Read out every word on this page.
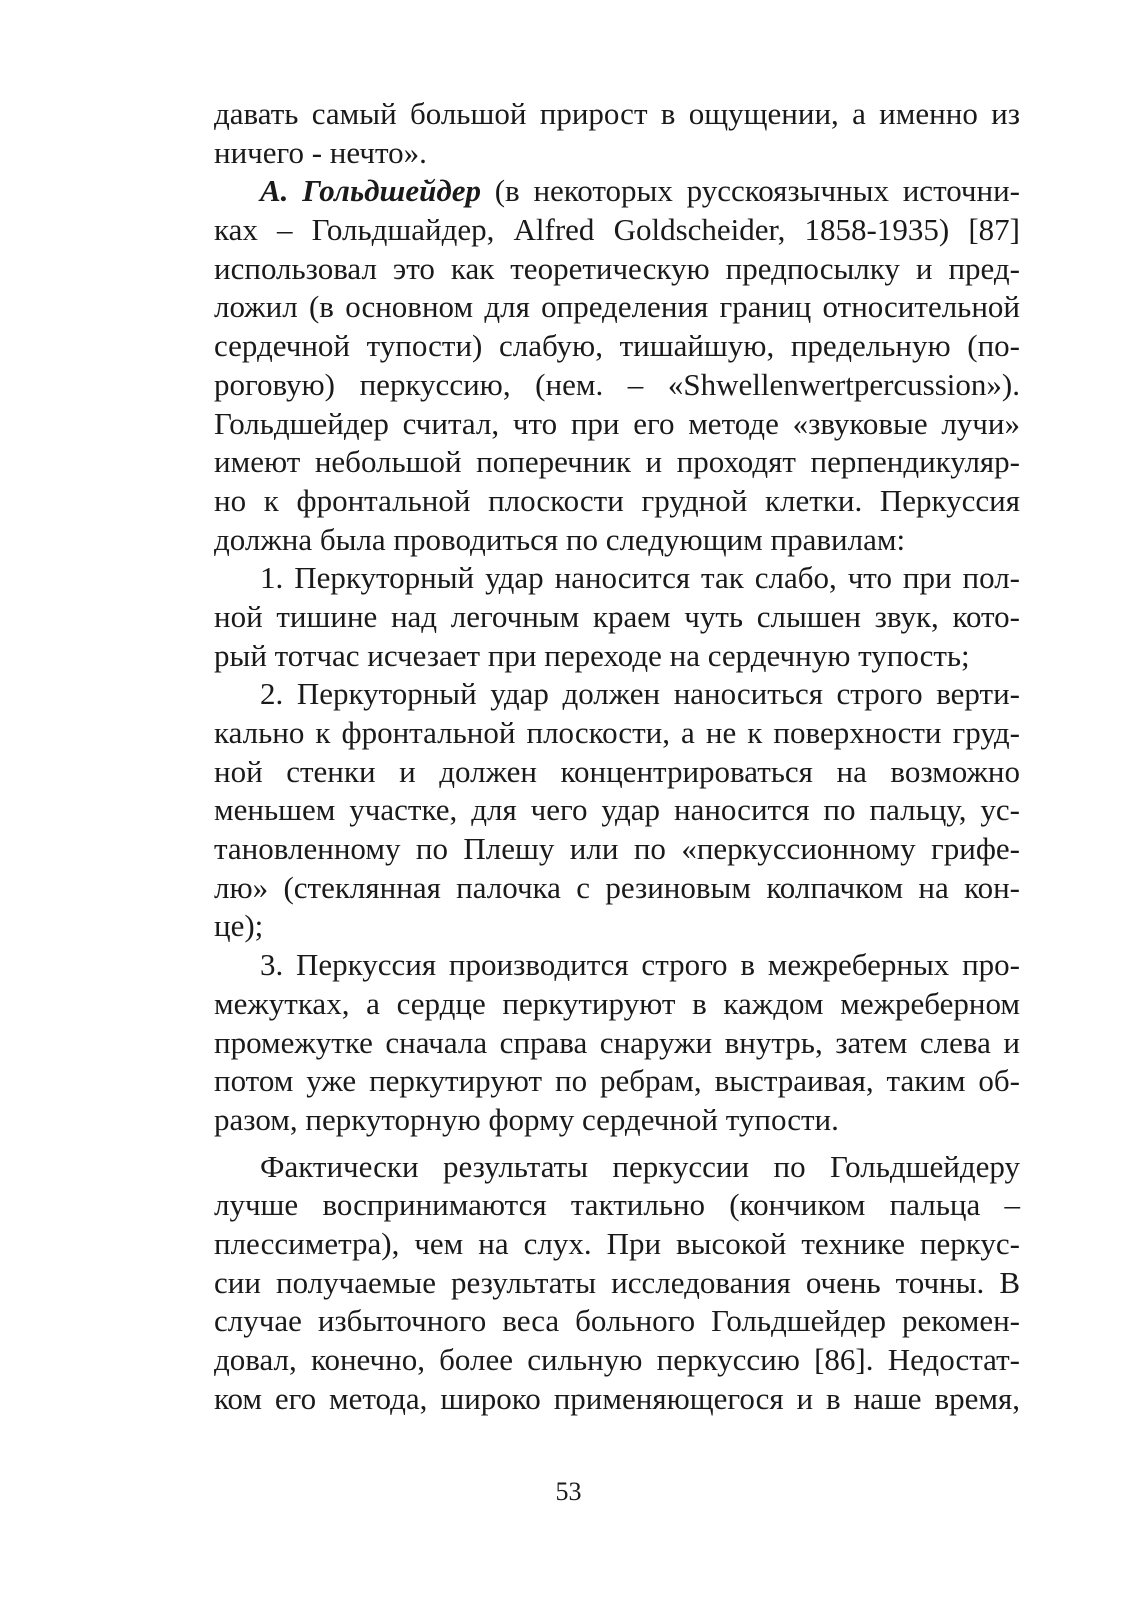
давать самый большой прирост в ощущении, а именно из
ничего - нечто».
А. Гольдшейдер (в некоторых русскоязычных источни-
ках – Гольдшайдер, Alfred Goldscheider, 1858-1935) [87]
использовал это как теоретическую предпосылку и пред-
ложил (в основном для определения границ относительной
сердечной тупости) слабую, тишайшую, предельную (по-
роговую) перкуссию, (нем. – «Shwellenwertpercussion»).
Гольдшейдер считал, что при его методе «звуковые лучи»
имеют небольшой поперечник и проходят перпендикуляр-
но к фронтальной плоскости грудной клетки. Перкуссия
должна была проводиться по следующим правилам:
1. Перкуторный удар наносится так слабо, что при пол-
ной тишине над легочным краем чуть слышен звук, кото-
рый тотчас исчезает при переходе на сердечную тупость;
2. Перкуторный удар должен наноситься строго верти-
кально к фронтальной плоскости, а не к поверхности груд-
ной стенки и должен концентрироваться на возможно
меньшем участке, для чего удар наносится по пальцу, ус-
тановленному по Плешу или по «перкуссионному грифе-
лю» (стеклянная палочка с резиновым колпачком на кон-
це);
3. Перкуссия производится строго в межреберных про-
межутках, а сердце перкутируют в каждом межреберном
промежутке сначала справа снаружи внутрь, затем слева и
потом уже перкутируют по ребрам, выстраивая, таким об-
разом, перкуторную форму сердечной тупости.
Фактически результаты перкуссии по Гольдшейдеру
лучше воспринимаются тактильно (кончиком пальца –
плессиметра), чем на слух. При высокой технике перкус-
сии получаемые результаты исследования очень точны. В
случае избыточного веса больного Гольдшейдер рекомен-
довал, конечно, более сильную перкуссию [86]. Недостат-
ком его метода, широко применяющегося и в наше время,
53
